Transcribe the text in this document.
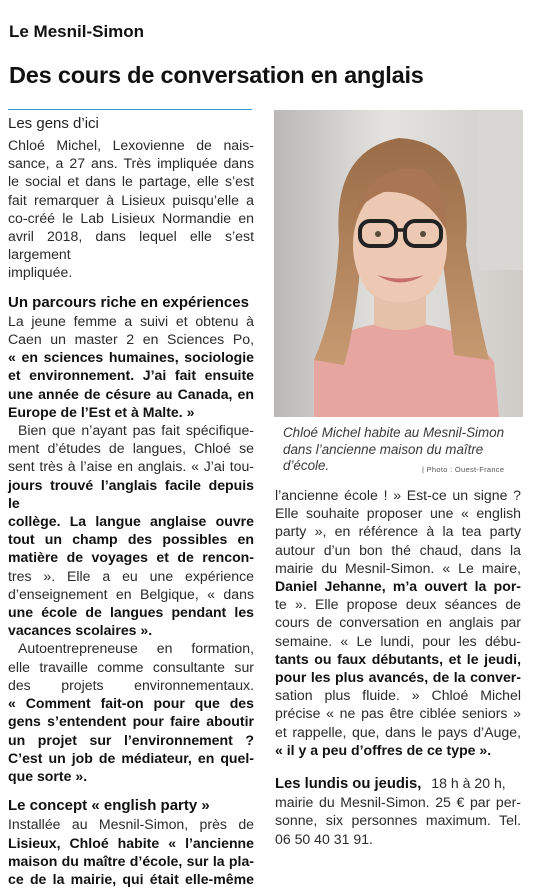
Le Mesnil-Simon
Des cours de conversation en anglais
Les gens d’ici

Chloé Michel, Lexovienne de nais-
sance, a 27 ans. Très impliquée dans
le social et dans le partage, elle s’est
fait remarquer à Lisieux puisqu’elle a
co-créé le Lab Lisieux Normandie en
avril 2018, dans lequel elle s’est largement
impliquée.

Un parcours riche en expériences

La jeune femme a suivi et obtenu à
Caen un master 2 en Sciences Po,
« en sciences humaines, sociologie
et environnement. J’ai fait ensuite
une année de césure au Canada, en
Europe de l’Est et à Malte. »
Bien que n’ayant pas fait spécifique-
ment d’études de langues, Chloé se
sent très à l’aise en anglais. « J’ai tou-
jours trouvé l’anglais facile depuis le
collège. La langue anglaise ouvre
tout un champ des possibles en
matière de voyages et de rencon-
tres ». Elle a eu une expérience
d’enseignement en Belgique, « dans
une école de langues pendant les
vacances scolaires ».
Autoentrepreneuse en formation,
elle travaille comme consultante sur
des projets environnementaux.
« Comment fait-on pour que des
gens s’entendent pour faire aboutir
un projet sur l’environnement ?
C’est un job de médiateur, en quel-
que sorte ».

Le concept « english party »

Installée au Mesnil-Simon, près de
Lisieux, Chloé habite « l’ancienne
maison du maître d’école, sur la pla-
ce de la mairie, qui était elle-même

Chloé Michel habite au Mesnil-Simon dans l’ancienne maison du maître d’école.	| Photo : Ouest-France

l’ancienne école ! » Est-ce un signe ?
Elle souhaite proposer une « english
party », en référence à la tea party
autour d’un bon thé chaud, dans la
mairie du Mesnil-Simon. « Le maire,
Daniel Jehanne, m’a ouvert la por-
te ». Elle propose deux séances de
cours de conversation en anglais par
semaine. « Le lundi, pour les débu-
tants ou faux débutants, et le jeudi,
pour les plus avancés, de la conver-
sation plus fluide. » Chloé Michel
précise « ne pas être ciblée seniors »
et rappelle, que, dans le pays d’Auge,
« il y a peu d’offres de ce type ».

Les lundis ou jeudis, 18 h à 20 h,
mairie du Mesnil-Simon. 25 € par per-
sonne, six personnes maximum. Tel.
06 50 40 31 91.
